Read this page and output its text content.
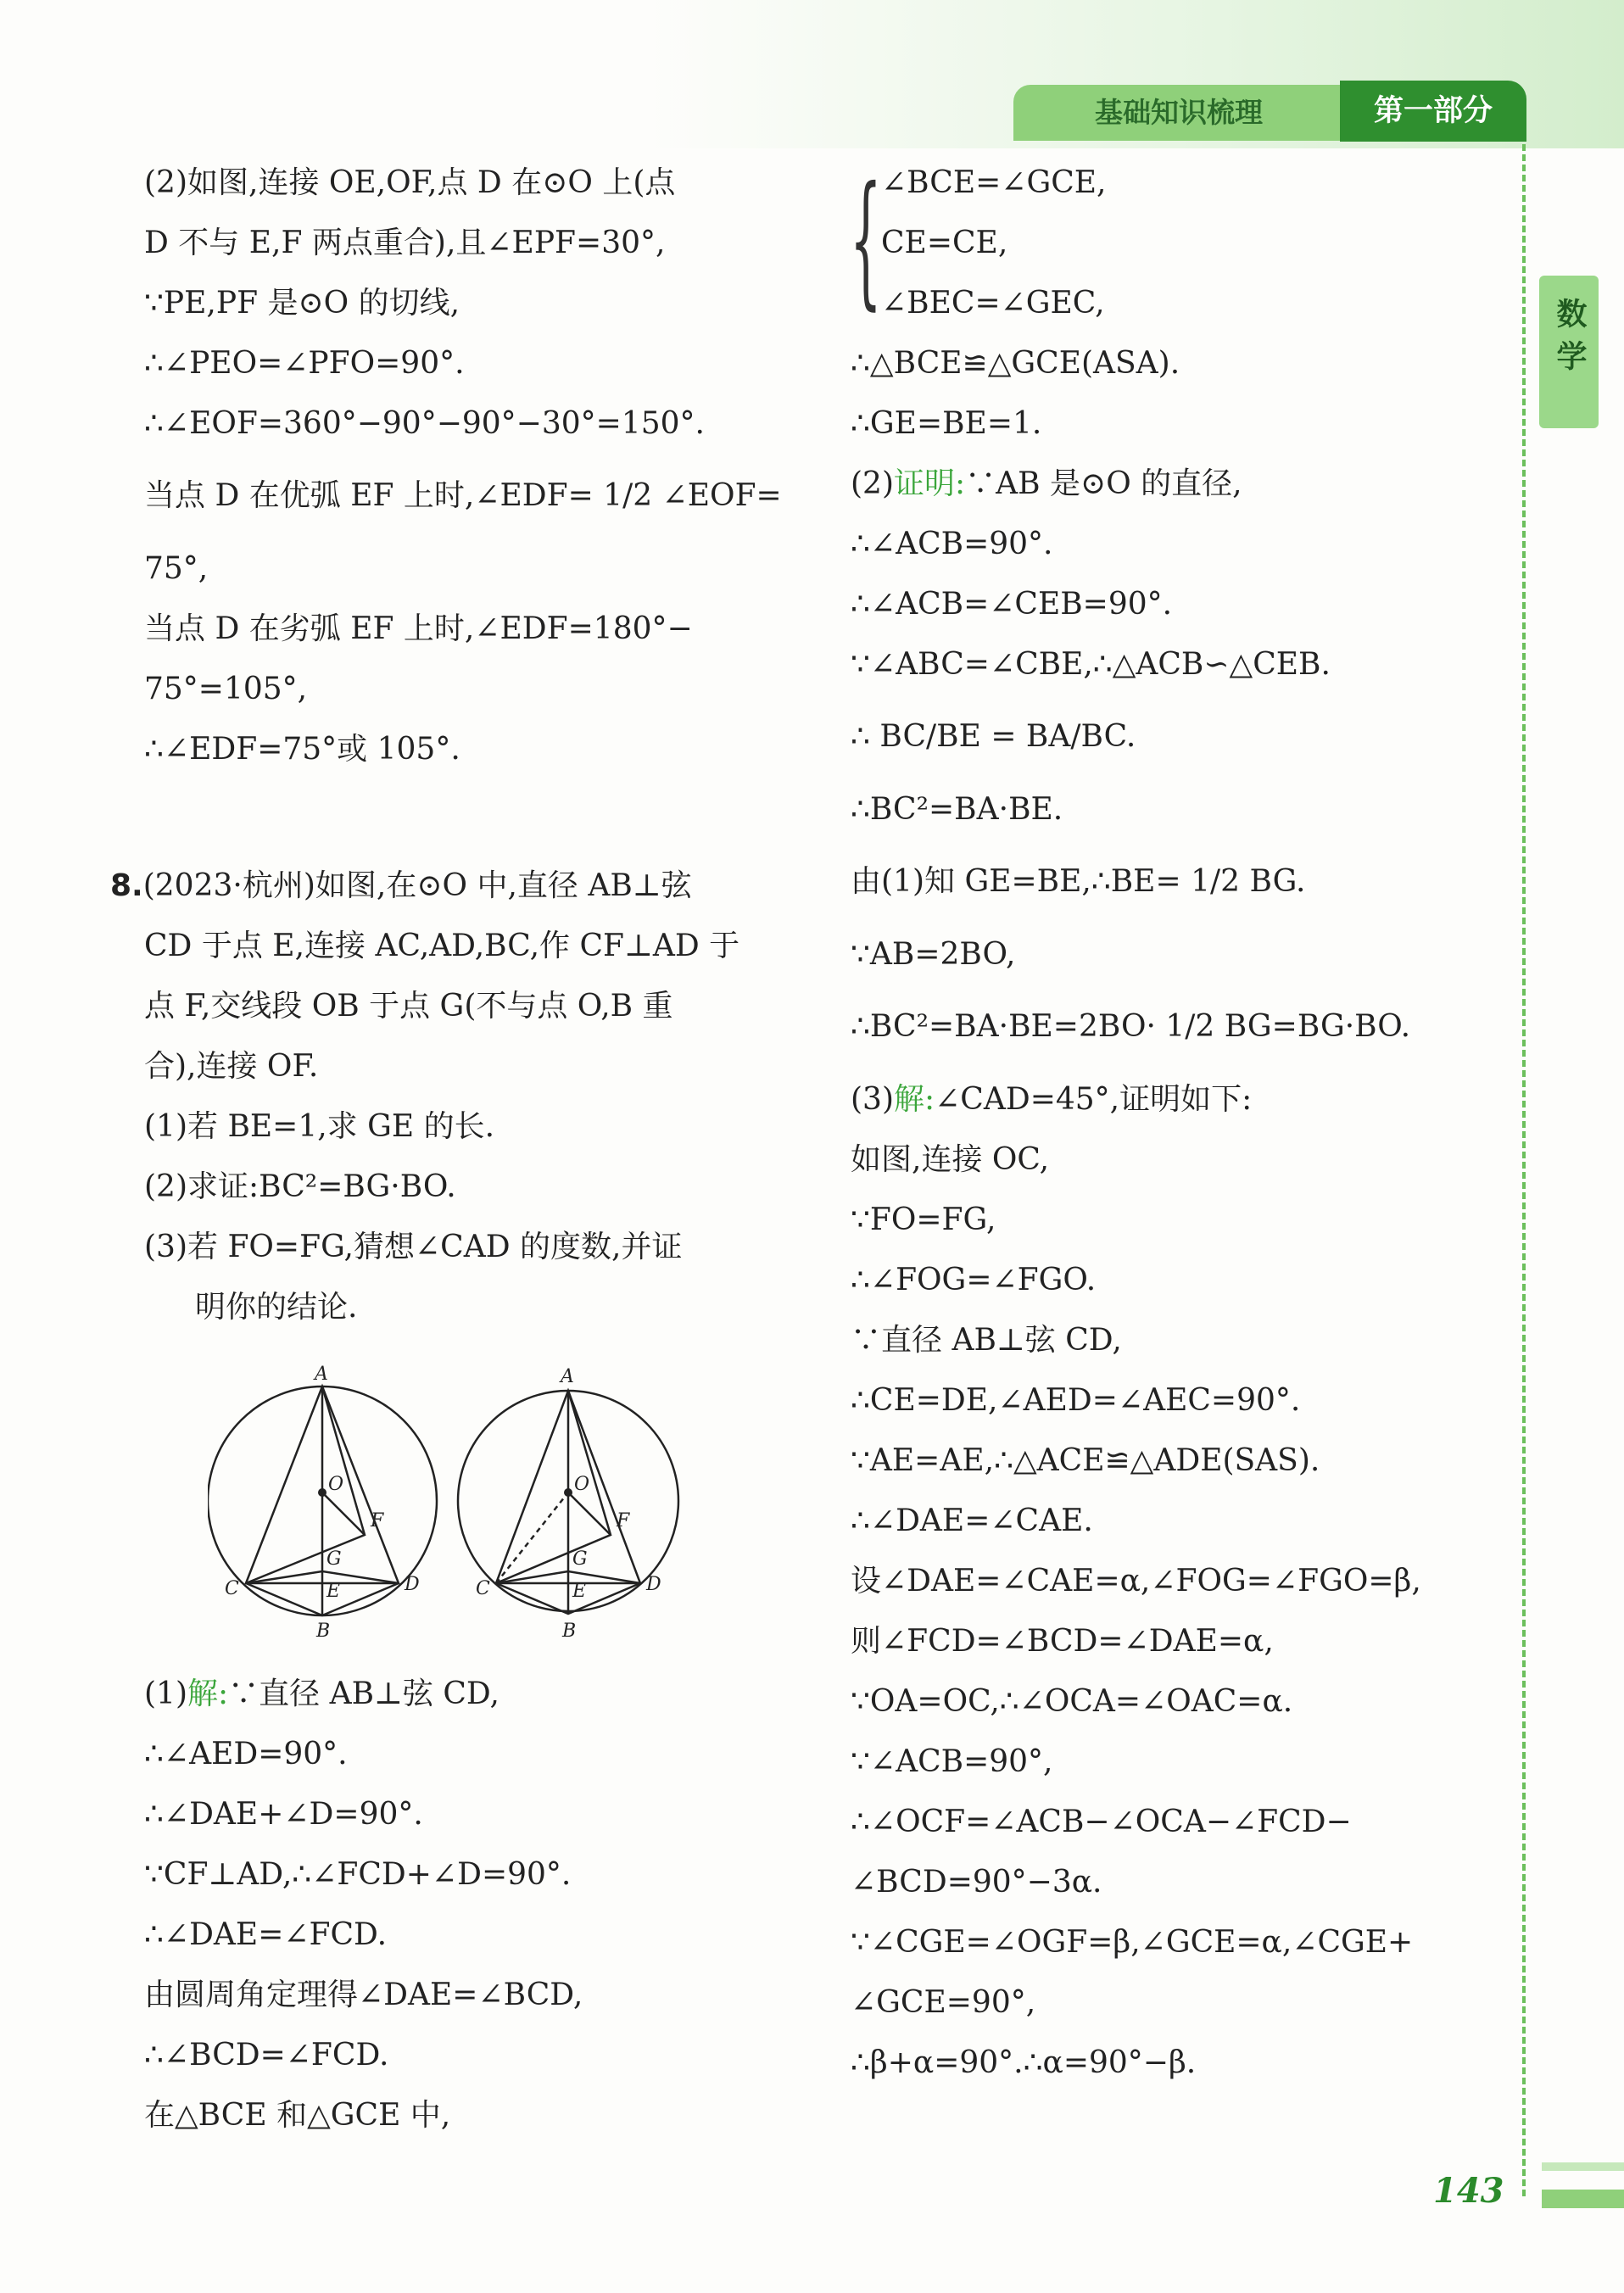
基础知识梳理	第一部分
数学
(2)如图,连接 OE,OF,点 D 在⊙O 上(点
D 不与 E,F 两点重合),且∠EPF=30°,
∵PE,PF 是⊙O 的切线,
∴∠PEO=∠PFO=90°.
∴∠EOF=360°−90°−90°−30°=150°.
当点 D 在优弧 EF 上时,∠EDF= 1/2 ∠EOF=
75°,
当点 D 在劣弧 EF 上时,∠EDF=180°−
75°=105°,
∴∠EDF=75°或 105°.
8.(2023·杭州)如图,在⊙O 中,直径 AB⊥弦
CD 于点 E,连接 AC,AD,BC,作 CF⊥AD 于
点 F,交线段 OB 于点 G(不与点 O,B 重
合),连接 OF.
(1)若 BE=1,求 GE 的长.
(2)求证:BC²=BG·BO.
(3)若 FO=FG,猜想∠CAD 的度数,并证
明你的结论.
(1)解:∵直径 AB⊥弦 CD,
∴∠AED=90°.
∴∠DAE+∠D=90°.
∵CF⊥AD,∴∠FCD+∠D=90°.
∴∠DAE=∠FCD.
由圆周角定理得∠DAE=∠BCD,
∴∠BCD=∠FCD.
在△BCE 和△GCE 中,
A
O
F
G
C	E	D
B
A
O
F
G
C	E	D
B
{ ∠BCE=∠GCE,
CE=CE,
∠BEC=∠GEC,
∴△BCE≌△GCE(ASA).
∴GE=BE=1.
(2)证明:∵AB 是⊙O 的直径,
∴∠ACB=90°.
∴∠ACB=∠CEB=90°.
∵∠ABC=∠CBE,∴△ACB∽△CEB.
∴ BC/BE = BA/BC.
∴BC²=BA·BE.
由(1)知 GE=BE,∴BE= 1/2 BG.
∵AB=2BO,
∴BC²=BA·BE=2BO· 1/2 BG=BG·BO.
(3)解:∠CAD=45°,证明如下:
如图,连接 OC,
∵FO=FG,
∴∠FOG=∠FGO.
∵直径 AB⊥弦 CD,
∴CE=DE,∠AED=∠AEC=90°.
∵AE=AE,∴△ACE≌△ADE(SAS).
∴∠DAE=∠CAE.
设∠DAE=∠CAE=α,∠FOG=∠FGO=β,
则∠FCD=∠BCD=∠DAE=α,
∵OA=OC,∴∠OCA=∠OAC=α.
∵∠ACB=90°,
∴∠OCF=∠ACB−∠OCA−∠FCD−
∠BCD=90°−3α.
∵∠CGE=∠OGF=β,∠GCE=α,∠CGE+
∠GCE=90°,
∴β+α=90°.∴α=90°−β.
143
